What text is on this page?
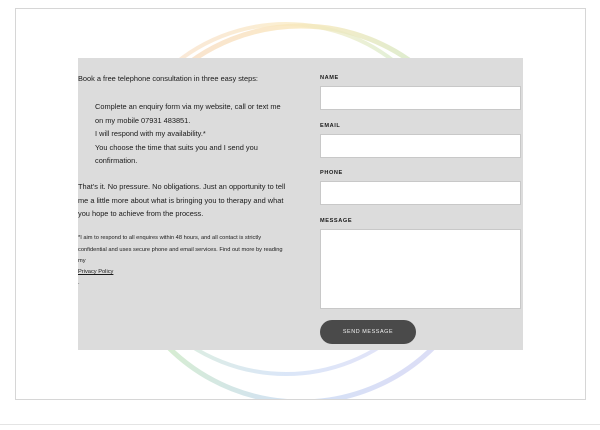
Book a free telephone consultation in three easy steps:
Complete an enquiry form via my website, call or text me on my mobile 07931 483851.
I will respond with my availability.*
You choose the time that suits you and I send you confirmation.
That's it. No pressure. No obligations. Just an opportunity to tell me a little more about what is bringing you to therapy and what you hope to achieve from the process.
*I aim to respond to all enquires within 48 hours, and all contact is strictly confidential and uses secure phone and email services. Find out more by reading my
Privacy Policy
.
NAME
EMAIL
PHONE
MESSAGE
SEND MESSAGE
